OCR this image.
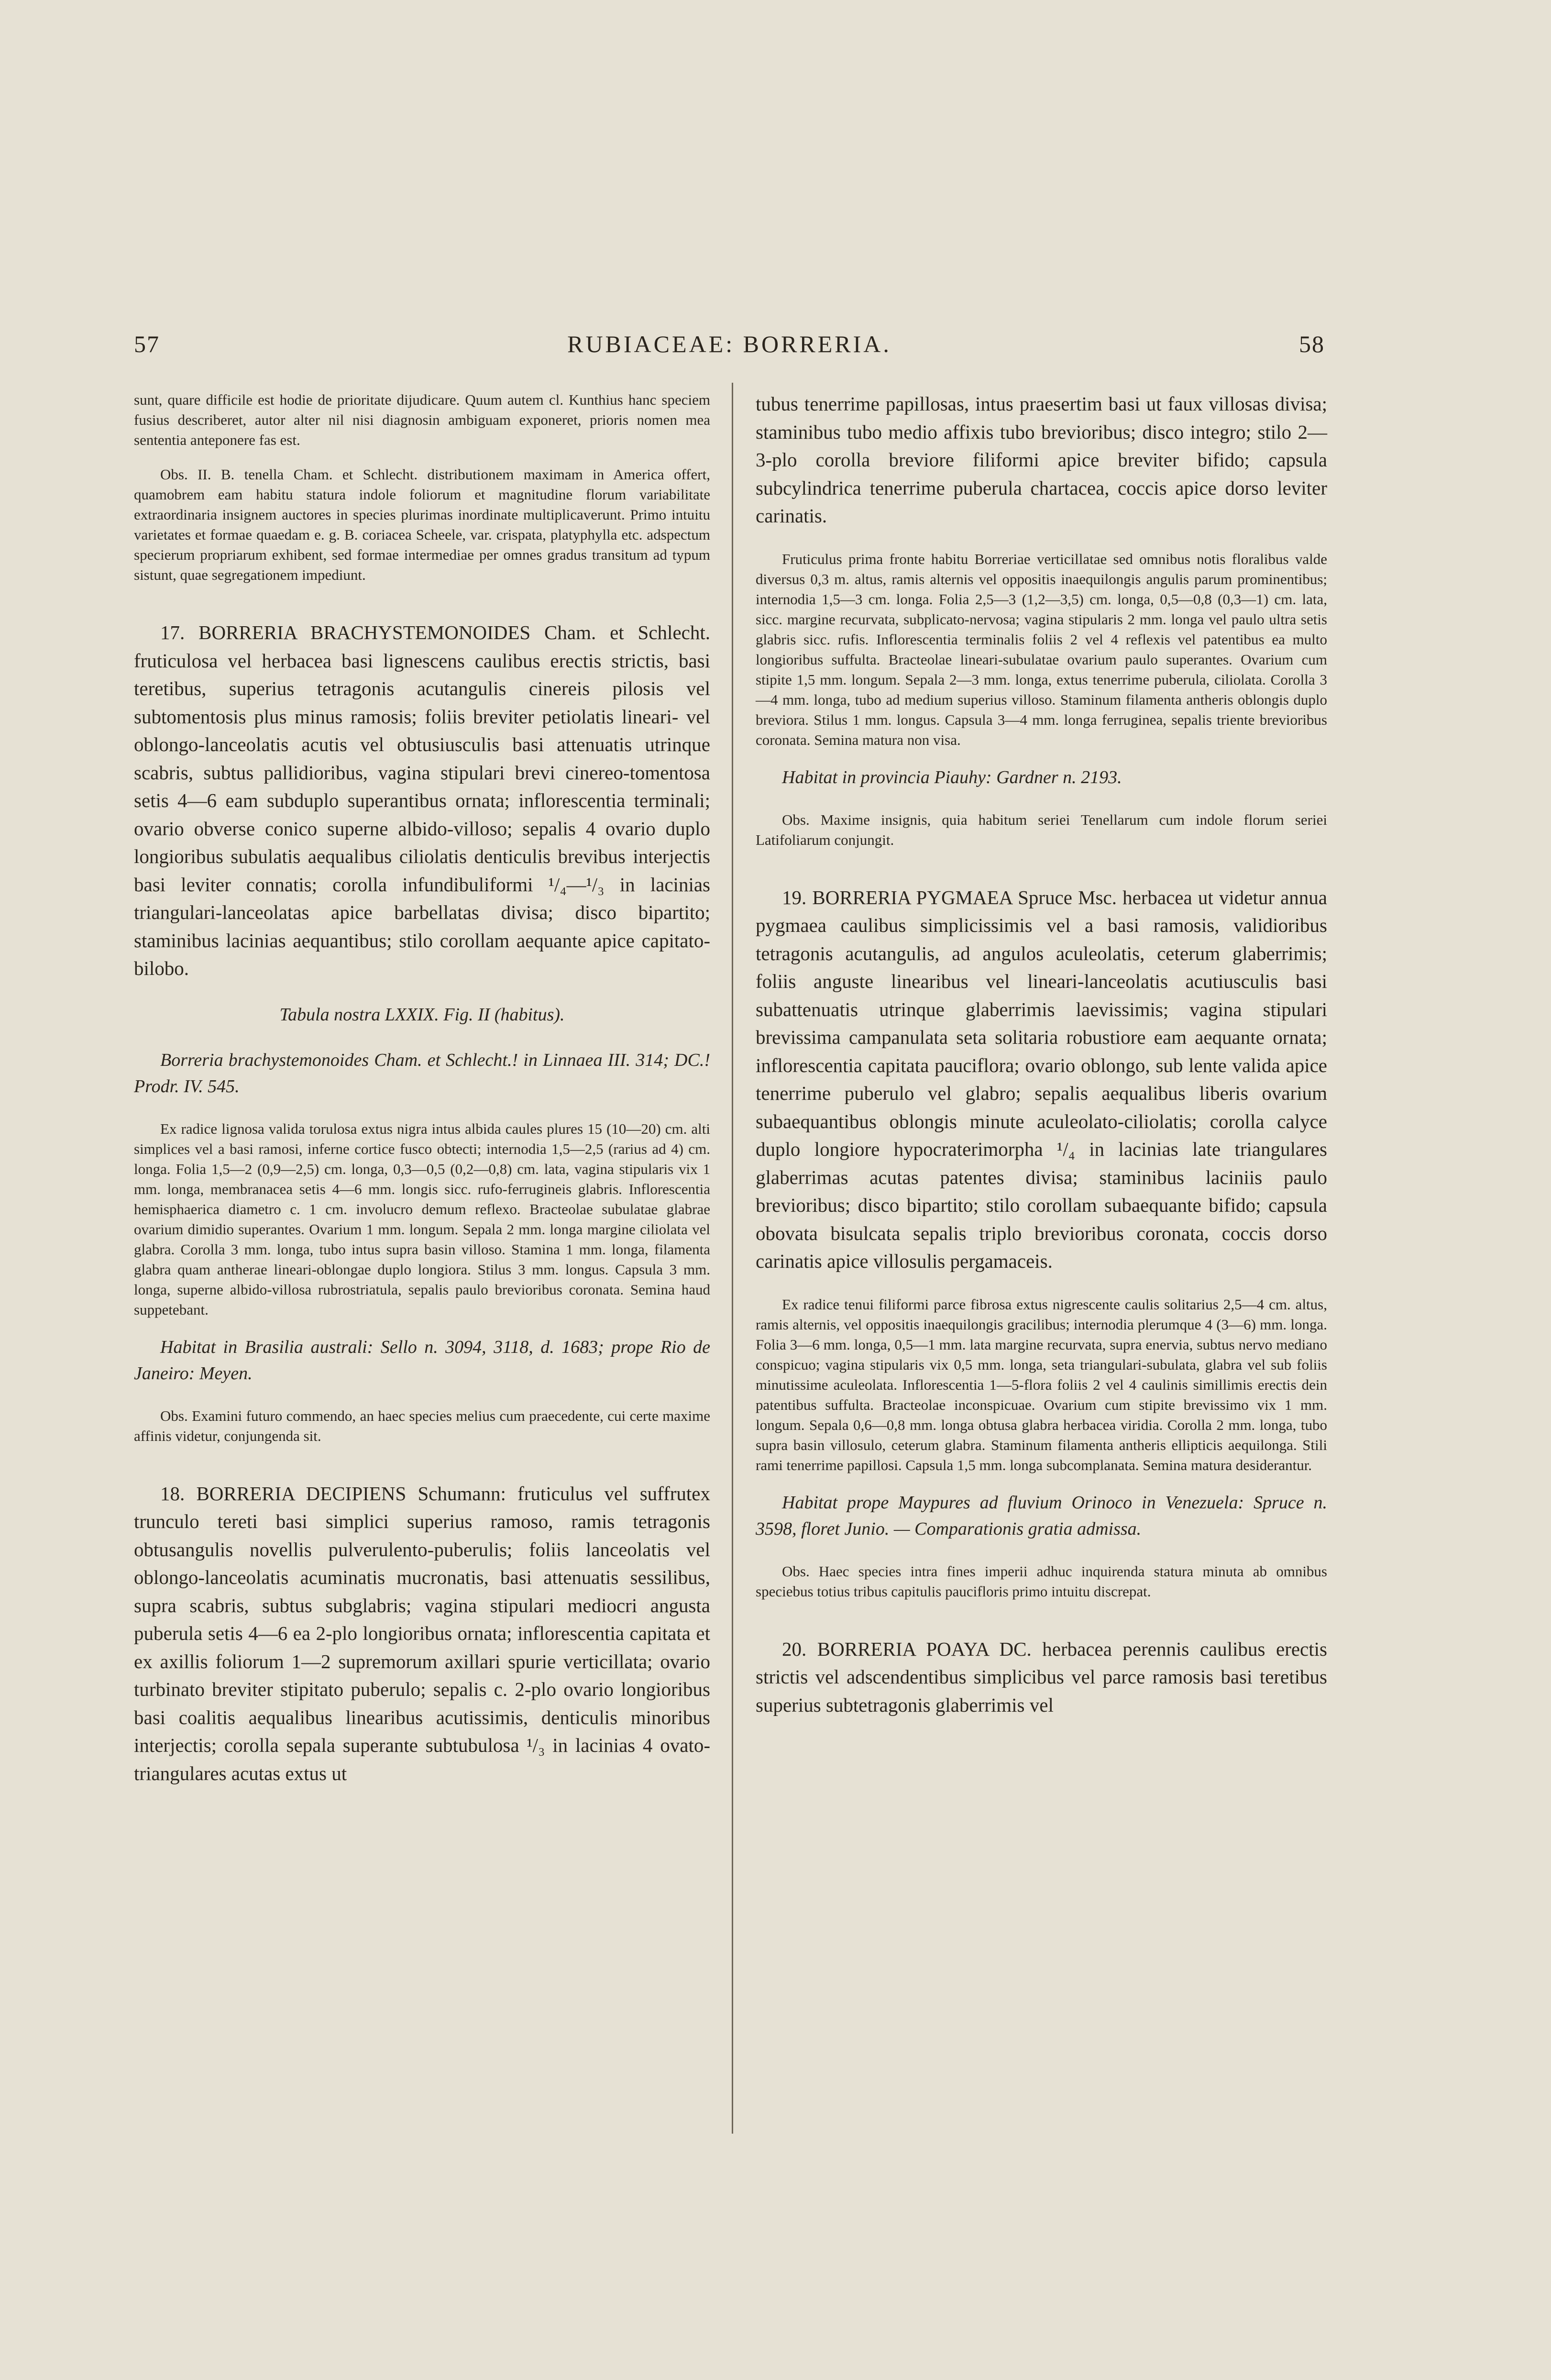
57	RUBIACEAE: BORRERIA.	58

sunt, quare difficile est hodie de prioritate dijudicare. Quum autem cl. Kunthius hanc speciem fusius describeret, autor alter nil nisi diagnosin ambiguam exponeret, prioris nomen mea sententia anteponere fas est.

Obs. II. B. tenella Cham. et Schlecht. distributionem maximam in America offert, quamobrem eam habitu statura indole foliorum et magnitudine florum variabilitate extraordinaria insignem auctores in species plurimas inordinate multiplicaverunt. Primo intuitu varietates et formae quaedam e. g. B. coriacea Scheele, var. crispata, platyphylla etc. adspectum specierum propriarum exhibent, sed formae intermediae per omnes gradus transitum ad typum sistunt, quae segregationem impediunt.

17. BORRERIA BRACHYSTEMONOIDES Cham. et Schlecht. fruticulosa vel herbacea basi lignescens caulibus erectis strictis, basi teretibus, superius tetragonis acutangulis cinereis pilosis vel subtomentosis plus minus ramosis; foliis breviter petiolatis lineari- vel oblongo-lanceolatis acutis vel obtusiusculis basi attenuatis utrinque scabris, subtus pallidioribus, vagina stipulari brevi cinereo-tomentosa setis 4—6 eam subduplo superantibus ornata; inflorescentia terminali; ovario obverse conico superne albido-villoso; sepalis 4 ovario duplo longioribus subulatis aequalibus ciliolatis denticulis brevibus interjectis basi leviter connatis; corolla infundibuliformi ¹/₄—¹/₃ in lacinias triangulari-lanceolatas apice barbellatas divisa; disco bipartito; staminibus lacinias aequantibus; stilo corollam aequante apice capitato-bilobo.

Tabula nostra LXXIX. Fig. II (habitus).

Borreria brachystemonoides Cham. et Schlecht.! in Linnaea III. 314; DC.! Prodr. IV. 545.

Ex radice lignosa valida torulosa extus nigra intus albida caules plures 15 (10—20) cm. alti simplices vel a basi ramosi, inferne cortice fusco obtecti; internodia 1,5—2,5 (rarius ad 4) cm. longa. Folia 1,5—2 (0,9—2,5) cm. longa, 0,3—0,5 (0,2—0,8) cm. lata, vagina stipularis vix 1 mm. longa, membranacea setis 4—6 mm. longis sicc. rufo-ferrugineis glabris. Inflorescentia hemisphaerica diametro c. 1 cm. involucro demum reflexo. Bracteolae subulatae glabrae ovarium dimidio superantes. Ovarium 1 mm. longum. Sepala 2 mm. longa margine ciliolata vel glabra. Corolla 3 mm. longa, tubo intus supra basin villoso. Stamina 1 mm. longa, filamenta glabra quam antherae lineari-oblongae duplo longiora. Stilus 3 mm. longus. Capsula 3 mm. longa, superne albido-villosa rubrostriatula, sepalis paulo brevioribus coronata. Semina haud suppetebant.

Habitat in Brasilia australi: Sello n. 3094, 3118, d. 1683; prope Rio de Janeiro: Meyen.

Obs. Examini futuro commendo, an haec species melius cum praecedente, cui certe maxime affinis videtur, conjungenda sit.

18. BORRERIA DECIPIENS Schumann: fruticulus vel suffrutex trunculo tereti basi simplici superius ramoso, ramis tetragonis obtusangulis novellis pulverulento-puberulis; foliis lanceolatis vel oblongo-lanceolatis acuminatis mucronatis, basi attenuatis sessilibus, supra scabris, subtus subglabris; vagina stipulari mediocri angusta puberula setis 4—6 ea 2-plo longioribus ornata; inflorescentia capitata et ex axillis foliorum 1—2 supremorum axillari spurie verticillata; ovario turbinato breviter stipitato puberulo; sepalis c. 2-plo ovario longioribus basi coalitis aequalibus linearibus acutissimis, denticulis minoribus interjectis; corolla sepala superante subtubulosa ¹/₃ in lacinias 4 ovato-triangulares acutas extus ut

tubus tenerrime papillosas, intus praesertim basi ut faux villosas divisa; staminibus tubo medio affixis tubo brevioribus; disco integro; stilo 2—3-plo corolla breviore filiformi apice breviter bifido; capsula subcylindrica tenerrime puberula chartacea, coccis apice dorso leviter carinatis.

Fruticulus prima fronte habitu Borreriae verticillatae sed omnibus notis floralibus valde diversus 0,3 m. altus, ramis alternis vel oppositis inaequilongis angulis parum prominentibus; internodia 1,5—3 cm. longa. Folia 2,5—3 (1,2—3,5) cm. longa, 0,5—0,8 (0,3—1) cm. lata, sicc. margine recurvata, subplicato-nervosa; vagina stipularis 2 mm. longa vel paulo ultra setis glabris sicc. rufis. Inflorescentia terminalis foliis 2 vel 4 reflexis vel patentibus ea multo longioribus suffulta. Bracteolae lineari-subulatae ovarium paulo superantes. Ovarium cum stipite 1,5 mm. longum. Sepala 2—3 mm. longa, extus tenerrime puberula, ciliolata. Corolla 3—4 mm. longa, tubo ad medium superius villoso. Staminum filamenta antheris oblongis duplo breviora. Stilus 1 mm. longus. Capsula 3—4 mm. longa ferruginea, sepalis triente brevioribus coronata. Semina matura non visa.

Habitat in provincia Piauhy: Gardner n. 2193.

Obs. Maxime insignis, quia habitum seriei Tenellarum cum indole florum seriei Latifoliarum conjungit.

19. BORRERIA PYGMAEA Spruce Msc. herbacea ut videtur annua pygmaea caulibus simplicissimis vel a basi ramosis, validioribus tetragonis acutangulis, ad angulos aculeolatis, ceterum glaberrimis; foliis anguste linearibus vel lineari-lanceolatis acutiusculis basi subattenuatis utrinque glaberrimis laevissimis; vagina stipulari brevissima campanulata seta solitaria robustiore eam aequante ornata; inflorescentia capitata pauciflora; ovario oblongo, sub lente valida apice tenerrime puberulo vel glabro; sepalis aequalibus liberis ovarium subaequantibus oblongis minute aculeolato-ciliolatis; corolla calyce duplo longiore hypocraterimorpha ¹/₄ in lacinias late triangulares glaberrimas acutas patentes divisa; staminibus laciniis paulo brevioribus; disco bipartito; stilo corollam subaequante bifido; capsula obovata bisulcata sepalis triplo brevioribus coronata, coccis dorso carinatis apice villosulis pergamaceis.

Ex radice tenui filiformi parce fibrosa extus nigrescente caulis solitarius 2,5—4 cm. altus, ramis alternis, vel oppositis inaequilongis gracilibus; internodia plerumque 4 (3—6) mm. longa. Folia 3—6 mm. longa, 0,5—1 mm. lata margine recurvata, supra enervia, subtus nervo mediano conspicuo; vagina stipularis vix 0,5 mm. longa, seta triangulari-subulata, glabra vel sub foliis minutissime aculeolata. Inflorescentia 1—5-flora foliis 2 vel 4 caulinis simillimis erectis dein patentibus suffulta. Bracteolae inconspicuae. Ovarium cum stipite brevissimo vix 1 mm. longum. Sepala 0,6—0,8 mm. longa obtusa glabra herbacea viridia. Corolla 2 mm. longa, tubo supra basin villosulo, ceterum glabra. Staminum filamenta antheris ellipticis aequilonga. Stili rami tenerrime papillosi. Capsula 1,5 mm. longa subcomplanata. Semina matura desiderantur.

Habitat prope Maypures ad fluvium Orinoco in Venezuela: Spruce n. 3598, floret Junio. — Comparationis gratia admissa.

Obs. Haec species intra fines imperii adhuc inquirenda statura minuta ab omnibus speciebus totius tribus capitulis paucifloris primo intuitu discrepat.

20. BORRERIA POAYA DC. herbacea perennis caulibus erectis strictis vel adscendentibus simplicibus vel parce ramosis basi teretibus superius subtetragonis glaberrimis vel
